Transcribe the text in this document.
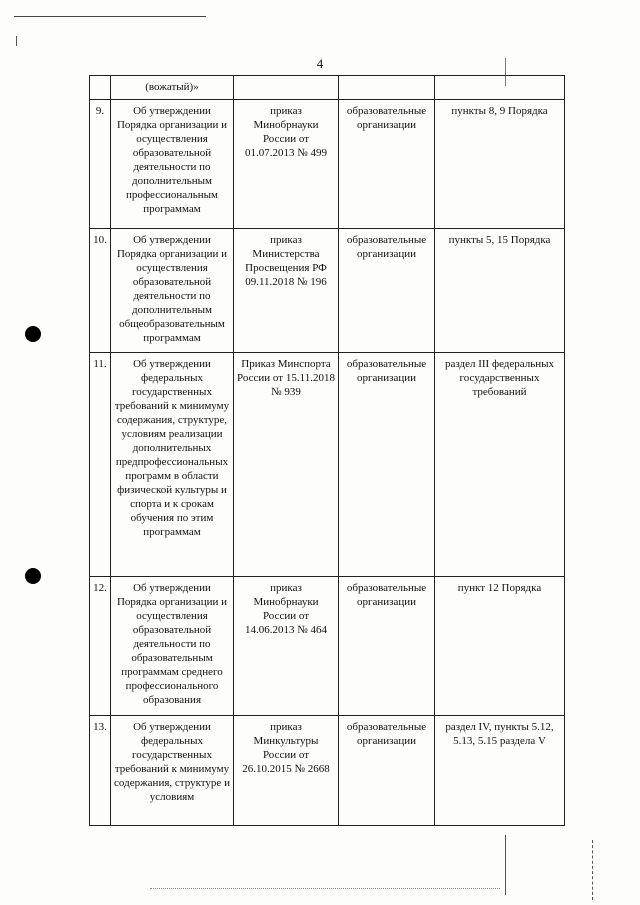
4
	(вожатый)»			
9.	Об утверждении Порядка организации и осуществления образовательной деятельности по дополнительным профессиональным программам	приказ Минобрнауки России от 01.07.2013 № 499	образовательные организации	пункты 8, 9 Порядка
10.	Об утверждении Порядка организации и осуществления образовательной деятельности по дополнительным общеобразовательным программам	приказ Министерства Просвещения РФ 09.11.2018 № 196	образовательные организации	пункты 5, 15 Порядка
11.	Об утверждении федеральных государственных требований к минимуму содержания, структуре, условиям реализации дополнительных предпрофессиональных программ в области физической культуры и спорта и к срокам обучения по этим программам	Приказ Минспорта России от 15.11.2018 № 939	образовательные организации	раздел III федеральных государственных требований
12.	Об утверждении Порядка организации и осуществления образовательной деятельности по образовательным программам среднего профессионального образования	приказ Минобрнауки России от 14.06.2013 № 464	образовательные организации	пункт 12 Порядка
13.	Об утверждении федеральных государственных требований к минимуму содержания, структуре и условиям	приказ Минкультуры России от 26.10.2015 № 2668	образовательные организации	раздел IV, пункты 5.12, 5.13, 5.15 раздела V
